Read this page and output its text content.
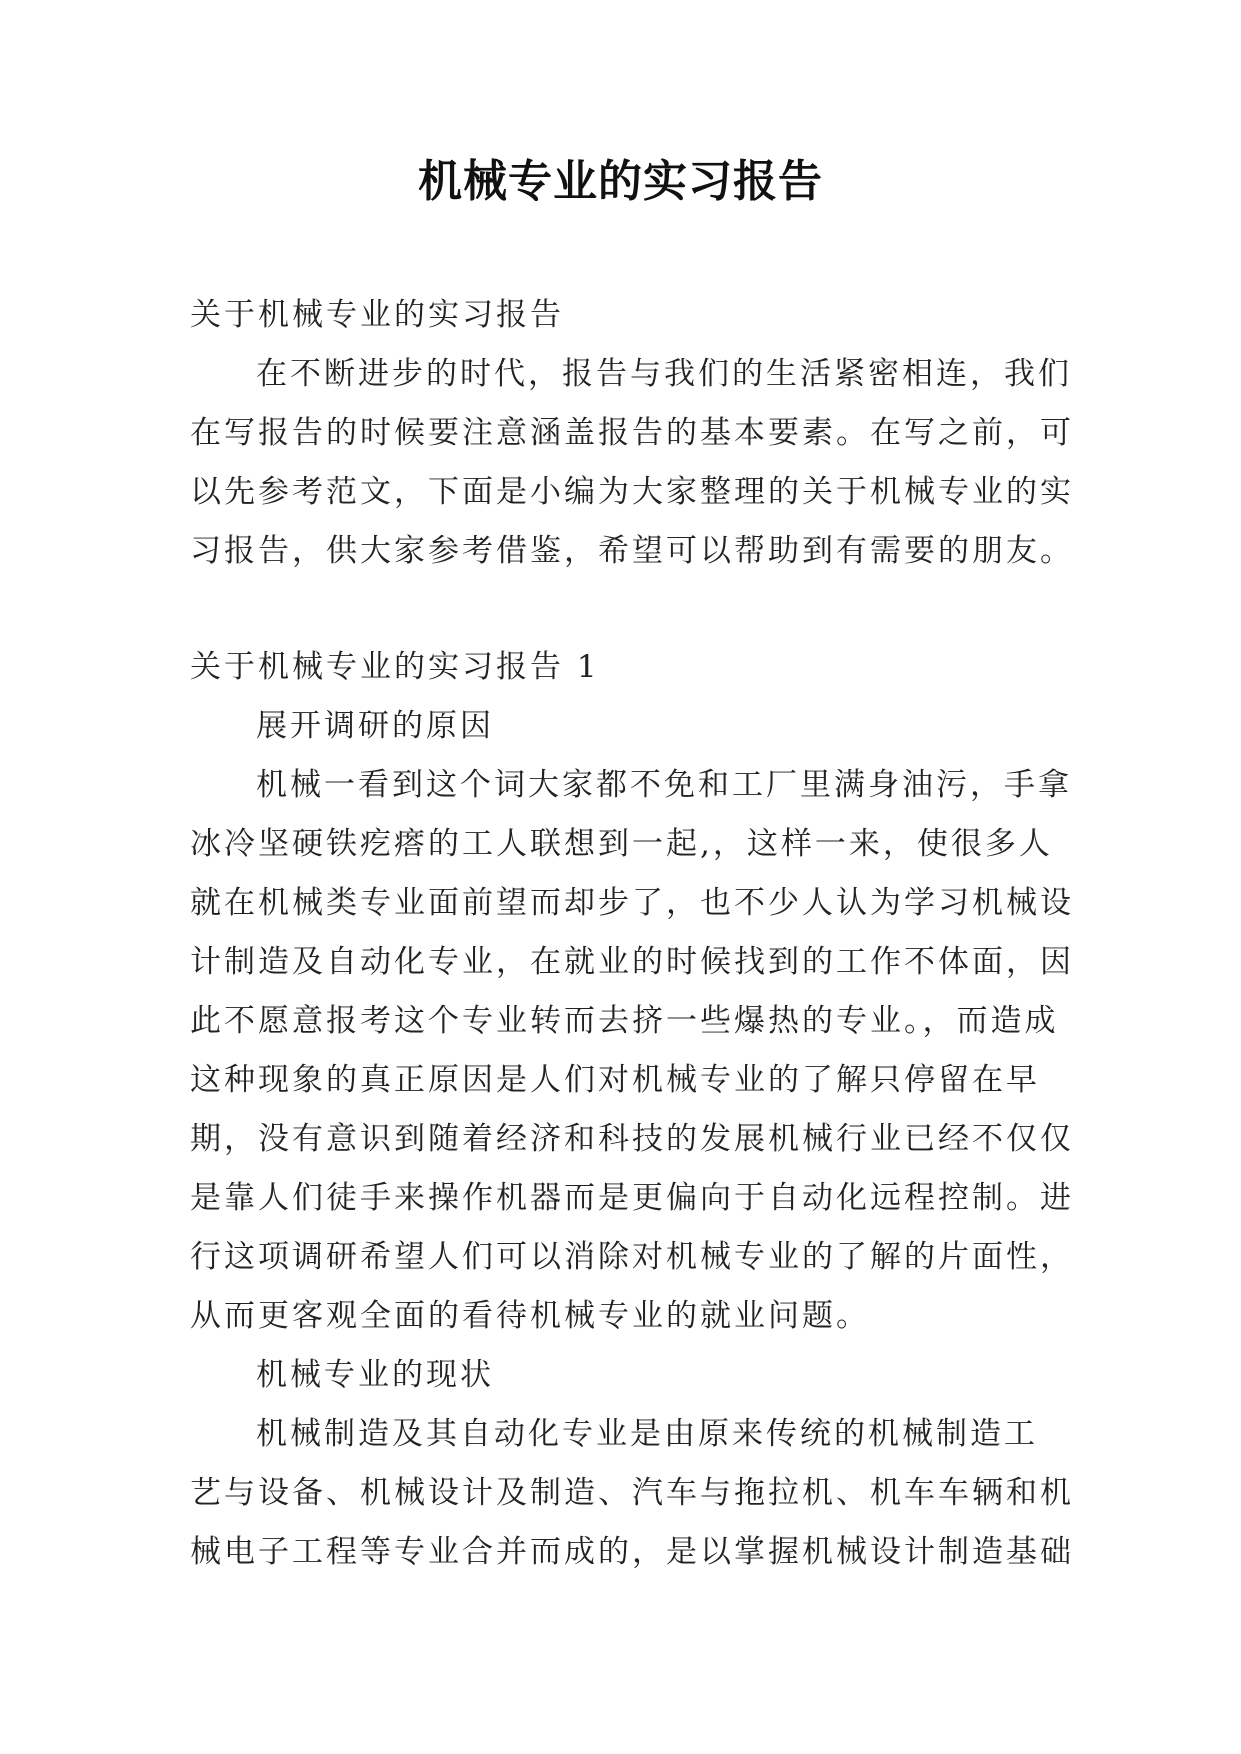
机械专业的实习报告
关于机械专业的实习报告
在不断进步的时代，报告与我们的生活紧密相连，我们
在写报告的时候要注意涵盖报告的基本要素。在写之前，可
以先参考范文，下面是小编为大家整理的关于机械专业的实
习报告，供大家参考借鉴，希望可以帮助到有需要的朋友。
关于机械专业的实习报告 1
展开调研的原因
机械一看到这个词大家都不免和工厂里满身油污，手拿
冰冷坚硬铁疙瘩的工人联想到一起,，这样一来，使很多人
就在机械类专业面前望而却步了，也不少人认为学习机械设
计制造及自动化专业，在就业的时候找到的工作不体面，因
此不愿意报考这个专业转而去挤一些爆热的专业。，而造成
这种现象的真正原因是人们对机械专业的了解只停留在早
期，没有意识到随着经济和科技的发展机械行业已经不仅仅
是靠人们徒手来操作机器而是更偏向于自动化远程控制。进
行这项调研希望人们可以消除对机械专业的了解的片面性，
从而更客观全面的看待机械专业的就业问题。
机械专业的现状
机械制造及其自动化专业是由原来传统的机械制造工
艺与设备、机械设计及制造、汽车与拖拉机、机车车辆和机
械电子工程等专业合并而成的，是以掌握机械设计制造基础
